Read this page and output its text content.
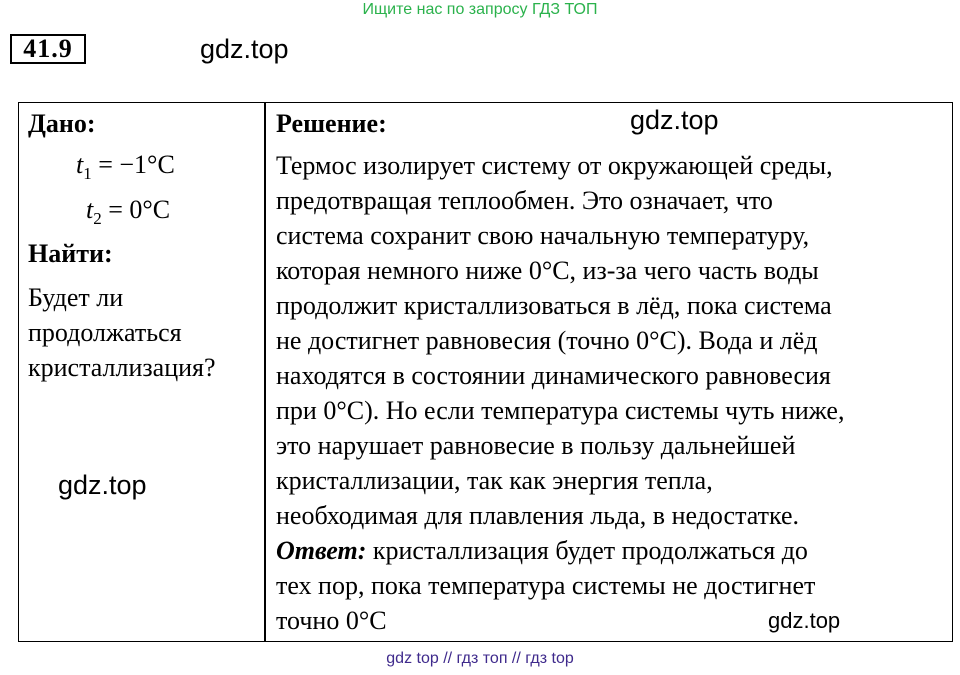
Ищите нас по запросу ГДЗ ТОП
41.9	gdz.top
Дано:
$t_1 = -1^\circ C$
$t_2 = 0^\circ C$
Найти:
Будет ли
продолжаться
кристаллизация?
gdz.top
Решение:	gdz.top
Термос изолирует систему от окружающей среды,
предотвращая теплообмен. Это означает, что
система сохранит свою начальную температуру,
которая немного ниже 0°C, из-за чего часть воды
продолжит кристаллизоваться в лёд, пока система
не достигнет равновесия (точно 0°C). Вода и лёд
находятся в состоянии динамического равновесия
при 0°C). Но если температура системы чуть ниже,
это нарушает равновесие в пользу дальнейшей
кристаллизации, так как энергия тепла,
необходимая для плавления льда, в недостатке.
Ответ: кристаллизация будет продолжаться до
тех пор, пока температура системы не достигнет
точно 0°C	gdz.top
gdz top // гдз топ // гдз top
